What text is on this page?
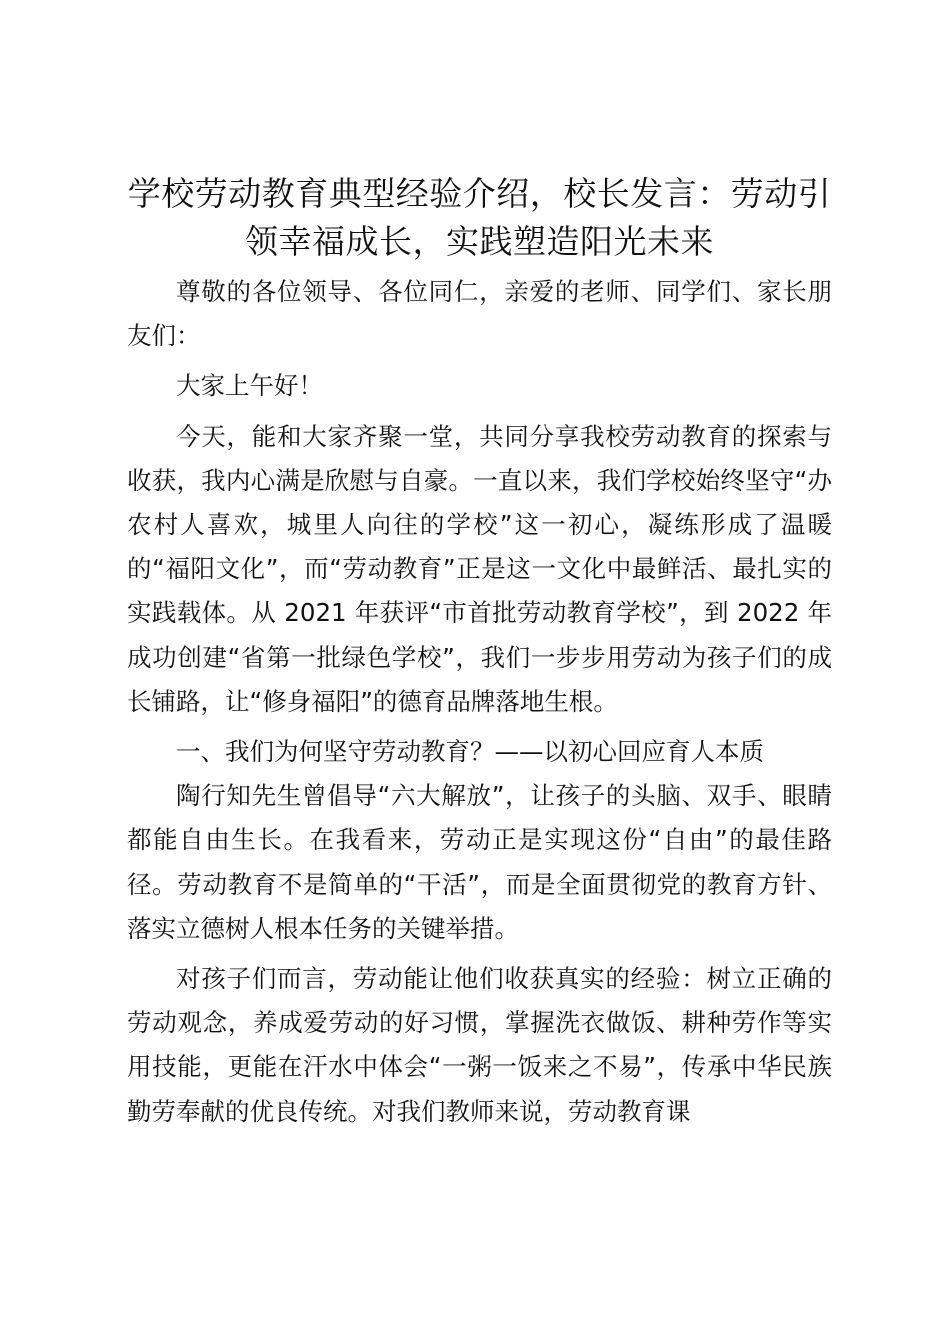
学校劳动教育典型经验介绍，校长发言：劳动引领幸福成长，实践塑造阳光未来

尊敬的各位领导、各位同仁，亲爱的老师、同学们、家长朋友们：

大家上午好！

今天，能和大家齐聚一堂，共同分享我校劳动教育的探索与收获，我内心满是欣慰与自豪。一直以来，我们学校始终坚守“办农村人喜欢，城里人向往的学校”这一初心，凝练形成了温暖的“福阳文化”，而“劳动教育”正是这一文化中最鲜活、最扎实的实践载体。从 2021 年获评“市首批劳动教育学校”，到 2022 年成功创建“省第一批绿色学校”，我们一步步用劳动为孩子们的成长铺路，让“修身福阳”的德育品牌落地生根。

一、我们为何坚守劳动教育？——以初心回应育人本质

陶行知先生曾倡导“六大解放”，让孩子的头脑、双手、眼睛都能自由生长。在我看来，劳动正是实现这份“自由”的最佳路径。劳动教育不是简单的“干活”，而是全面贯彻党的教育方针、落实立德树人根本任务的关键举措。

对孩子们而言，劳动能让他们收获真实的经验：树立正确的劳动观念，养成爱劳动的好习惯，掌握洗衣做饭、耕种劳作等实用技能，更能在汗水中体会“一粥一饭来之不易”，传承中华民族勤劳奉献的优良传统。对我们教师来说，劳动教育课
